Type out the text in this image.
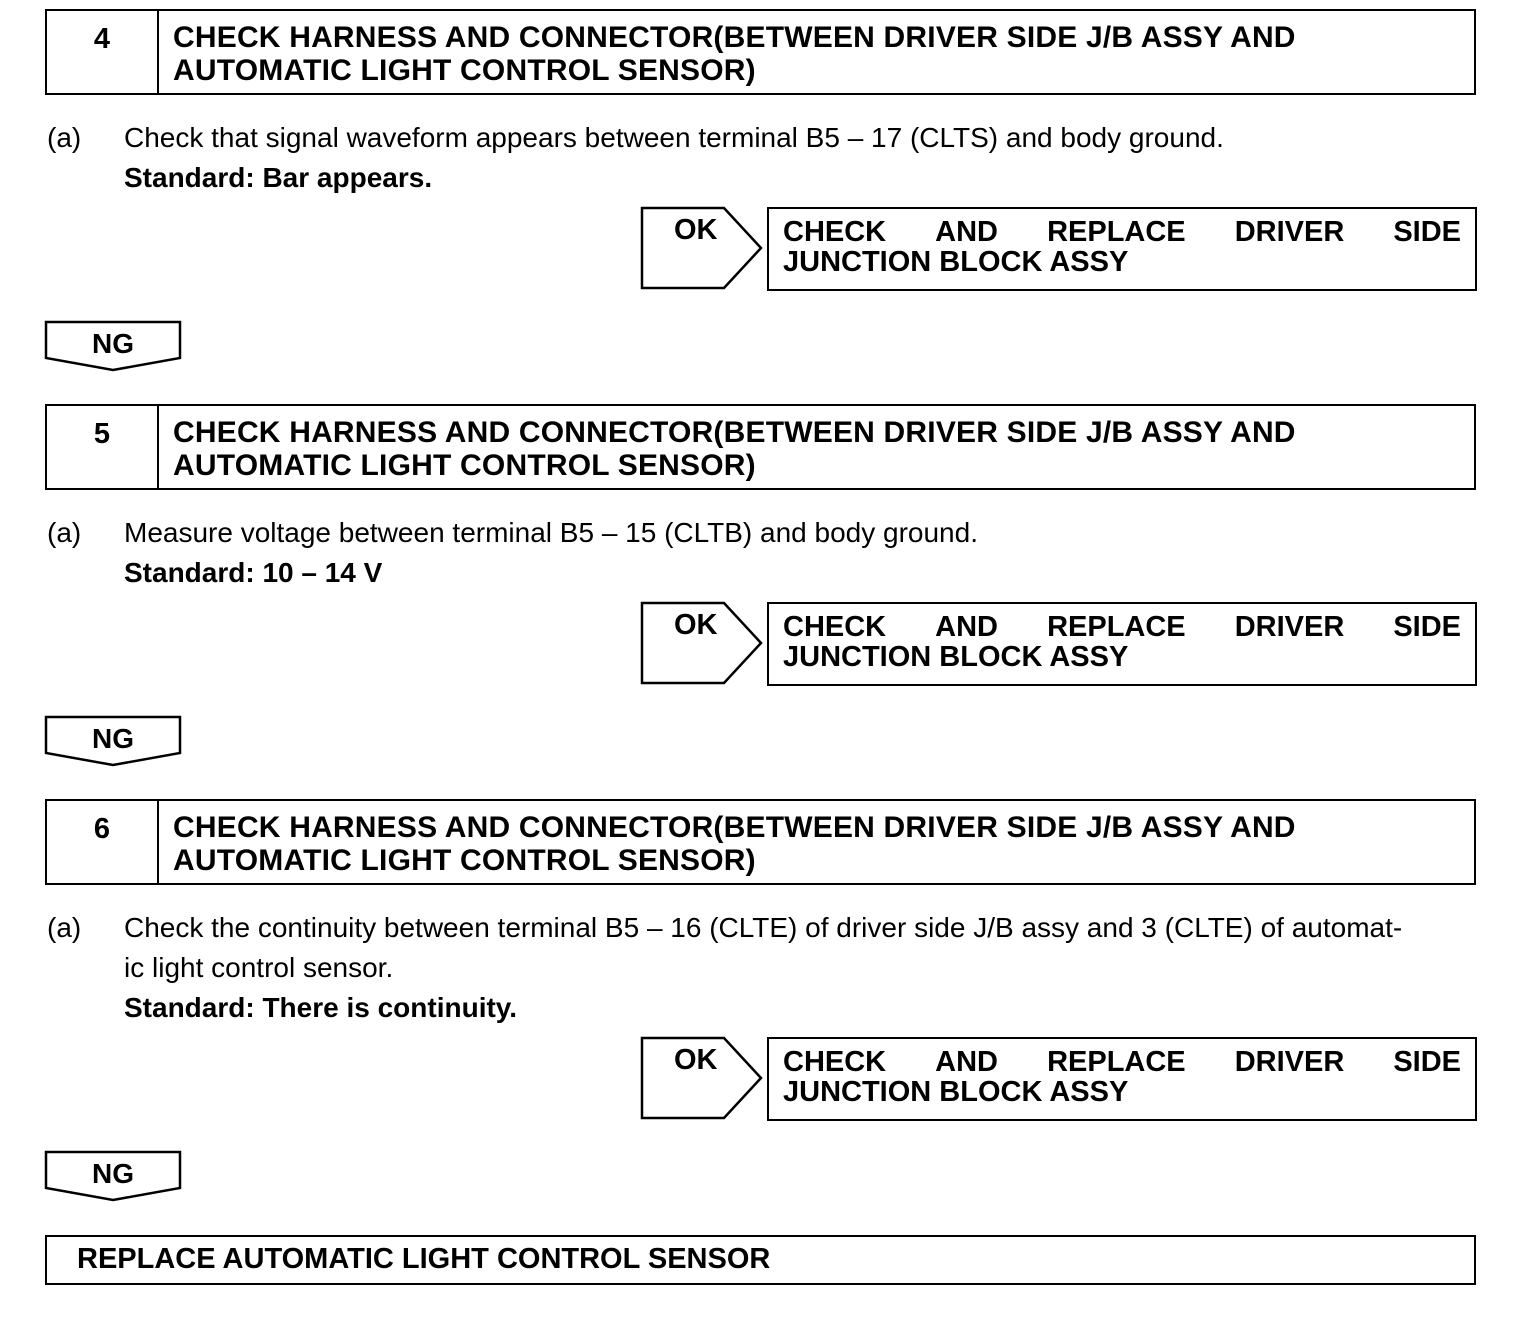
4	CHECK HARNESS AND CONNECTOR(BETWEEN DRIVER SIDE J/B ASSY AND
AUTOMATIC LIGHT CONTROL SENSOR)
(a) Check that signal waveform appears between terminal B5 – 17 (CLTS) and body ground.
Standard: Bar appears.
OK CHECK AND REPLACE DRIVER SIDE
JUNCTION BLOCK ASSY
NG
5	CHECK HARNESS AND CONNECTOR(BETWEEN DRIVER SIDE J/B ASSY AND
AUTOMATIC LIGHT CONTROL SENSOR)
(a) Measure voltage between terminal B5 – 15 (CLTB) and body ground.
Standard: 10 – 14 V
OK CHECK AND REPLACE DRIVER SIDE
JUNCTION BLOCK ASSY
NG
6	CHECK HARNESS AND CONNECTOR(BETWEEN DRIVER SIDE J/B ASSY AND
AUTOMATIC LIGHT CONTROL SENSOR)
(a) Check the continuity between terminal B5 – 16 (CLTE) of driver side J/B assy and 3 (CLTE) of automat-
ic light control sensor.
Standard: There is continuity.
OK CHECK AND REPLACE DRIVER SIDE
JUNCTION BLOCK ASSY
NG
REPLACE AUTOMATIC LIGHT CONTROL SENSOR
